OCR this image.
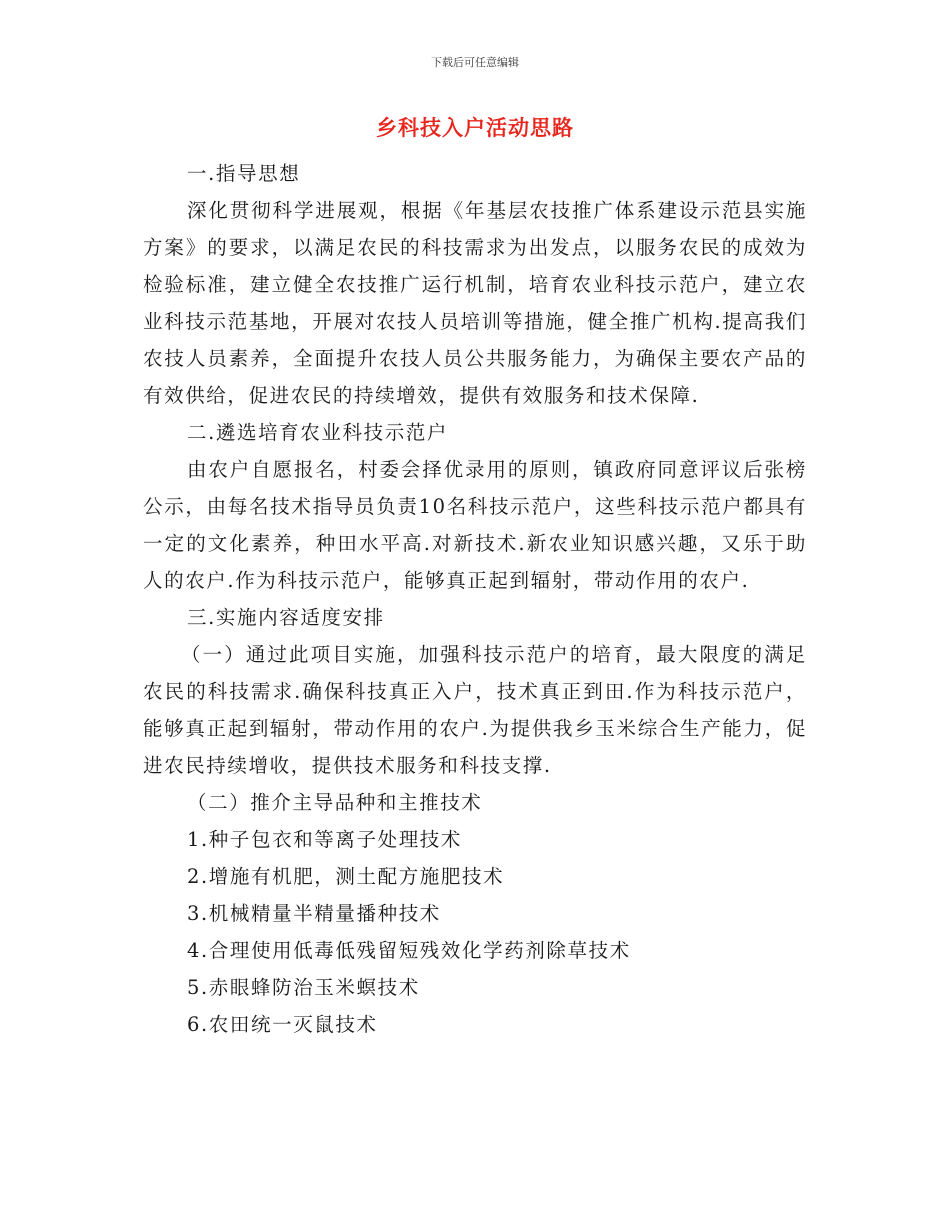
下载后可任意编辑
乡科技入户活动思路

一.指导思想

深化贯彻科学进展观，根据《年基层农技推广体系建设示范县实施方案》的要求，以满足农民的科技需求为出发点，以服务农民的成效为检验标准，建立健全农技推广运行机制，培育农业科技示范户，建立农业科技示范基地，开展对农技人员培训等措施，健全推广机构.提高我们农技人员素养，全面提升农技人员公共服务能力，为确保主要农产品的有效供给，促进农民的持续增效，提供有效服务和技术保障.

二.遴选培育农业科技示范户

由农户自愿报名，村委会择优录用的原则，镇政府同意评议后张榜公示，由每名技术指导员负责10名科技示范户，这些科技示范户都具有一定的文化素养，种田水平高.对新技术.新农业知识感兴趣，又乐于助人的农户.作为科技示范户，能够真正起到辐射，带动作用的农户.

三.实施内容适度安排

（一）通过此项目实施，加强科技示范户的培育，最大限度的满足农民的科技需求.确保科技真正入户，技术真正到田.作为科技示范户，能够真正起到辐射，带动作用的农户.为提供我乡玉米综合生产能力，促进农民持续增收，提供技术服务和科技支撑.

（二）推介主导品种和主推技术

1.种子包衣和等离子处理技术

2.增施有机肥，测土配方施肥技术

3.机械精量半精量播种技术

4.合理使用低毒低残留短残效化学药剂除草技术

5.赤眼蜂防治玉米螟技术

6.农田统一灭鼠技术
